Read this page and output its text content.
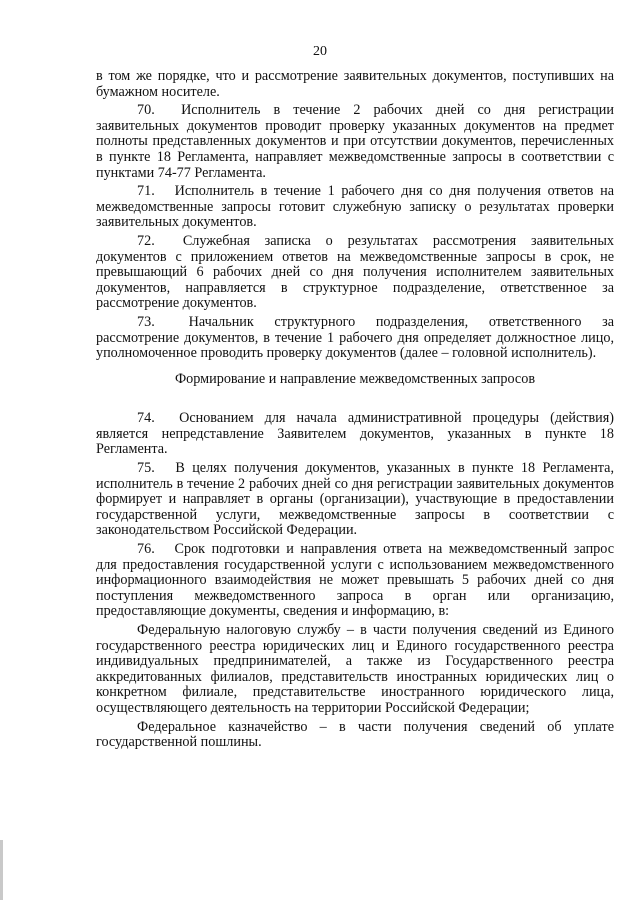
20

в том же порядке, что и рассмотрение заявительных документов, поступивших на бумажном носителе.

70. Исполнитель в течение 2 рабочих дней со дня регистрации заявительных документов проводит проверку указанных документов на предмет полноты представленных документов и при отсутствии документов, перечисленных в пункте 18 Регламента, направляет межведомственные запросы в соответствии с пунктами 74-77 Регламента.

71. Исполнитель в течение 1 рабочего дня со дня получения ответов на межведомственные запросы готовит служебную записку о результатах проверки заявительных документов.

72. Служебная записка о результатах рассмотрения заявительных документов с приложением ответов на межведомственные запросы в срок, не превышающий 6 рабочих дней со дня получения исполнителем заявительных документов, направляется в структурное подразделение, ответственное за рассмотрение документов.

73. Начальник структурного подразделения, ответственного за рассмотрение документов, в течение 1 рабочего дня определяет должностное лицо, уполномоченное проводить проверку документов (далее – головной исполнитель).

Формирование и направление межведомственных запросов

74. Основанием для начала административной процедуры (действия) является непредставление Заявителем документов, указанных в пункте 18 Регламента.

75. В целях получения документов, указанных в пункте 18 Регламента, исполнитель в течение 2 рабочих дней со дня регистрации заявительных документов формирует и направляет в органы (организации), участвующие в предоставлении государственной услуги, межведомственные запросы в соответствии с законодательством Российской Федерации.

76. Срок подготовки и направления ответа на межведомственный запрос для предоставления государственной услуги с использованием межведомственного информационного взаимодействия не может превышать 5 рабочих дней со дня поступления межведомственного запроса в орган или организацию, предоставляющие документы, сведения и информацию, в:

Федеральную налоговую службу – в части получения сведений из Единого государственного реестра юридических лиц и Единого государственного реестра индивидуальных предпринимателей, а также из Государственного реестра аккредитованных филиалов, представительств иностранных юридических лиц о конкретном филиале, представительстве иностранного юридического лица, осуществляющего деятельность на территории Российской Федерации;

Федеральное казначейство – в части получения сведений об уплате государственной пошлины.
